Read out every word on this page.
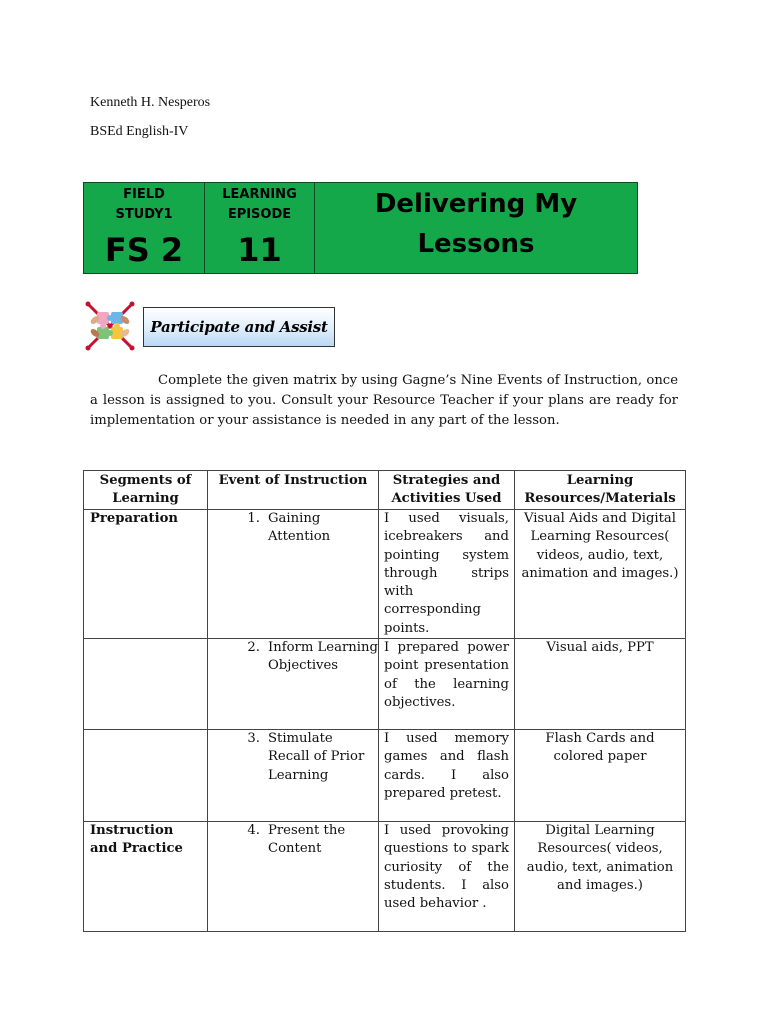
Kenneth H. Nesperos
BSEd English-IV
FIELD
STUDY1
FS 2
LEARNING
EPISODE
11
Delivering My
Lessons
Participate and Assist

Complete the given matrix by using Gagne’s Nine Events of Instruction, once a lesson is assigned to you. Consult your Resource Teacher if your plans are ready for implementation or your assistance is needed in any part of the lesson.

Segments of Learning	Event of Instruction	Strategies and Activities Used	Learning Resources/Materials
Preparation	1. Gaining Attention	I used visuals, icebreakers and pointing system through strips with corresponding points.	Visual Aids and Digital Learning Resources( videos, audio, text, animation and images.)

	2. Inform Learning Objectives	I prepared power point presentation of the learning objectives.	Visual aids, PPT

	3. Stimulate Recall of Prior Learning	I used memory games and flash cards. I also prepared pretest.	Flash Cards and colored paper
Instruction and Practice	4. Present the Content	I used provoking questions to spark curiosity of the students. I also used behavior .	Digital Learning Resources( videos, audio, text, animation and images.)
